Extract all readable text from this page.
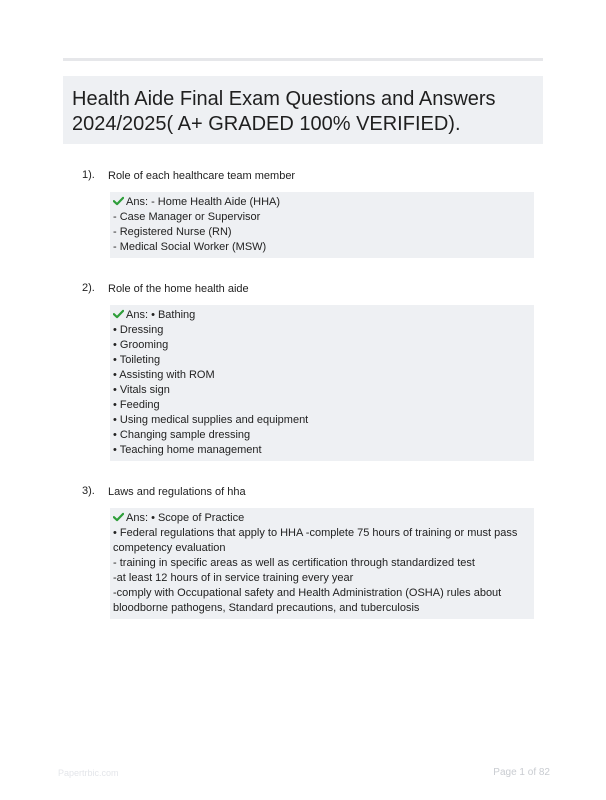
Health Aide Final Exam Questions and Answers
2024/2025( A+ GRADED 100% VERIFIED).
1). Role of each healthcare team member
Ans: - Home Health Aide (HHA)
- Case Manager or Supervisor
- Registered Nurse (RN)
- Medical Social Worker (MSW)
2). Role of the home health aide
Ans: • Bathing
• Dressing
• Grooming
• Toileting
• Assisting with ROM
• Vitals sign
• Feeding
• Using medical supplies and equipment
• Changing sample dressing
• Teaching home management
3). Laws and regulations of hha
Ans: • Scope of Practice
• Federal regulations that apply to HHA -complete 75 hours of training or must pass competency evaluation
- training in specific areas as well as certification through standardized test
-at least 12 hours of in service training every year
-comply with Occupational safety and Health Administration (OSHA) rules about bloodborne pathogens, Standard precautions, and tuberculosis
Papertrbic.com	Page 1 of 82
